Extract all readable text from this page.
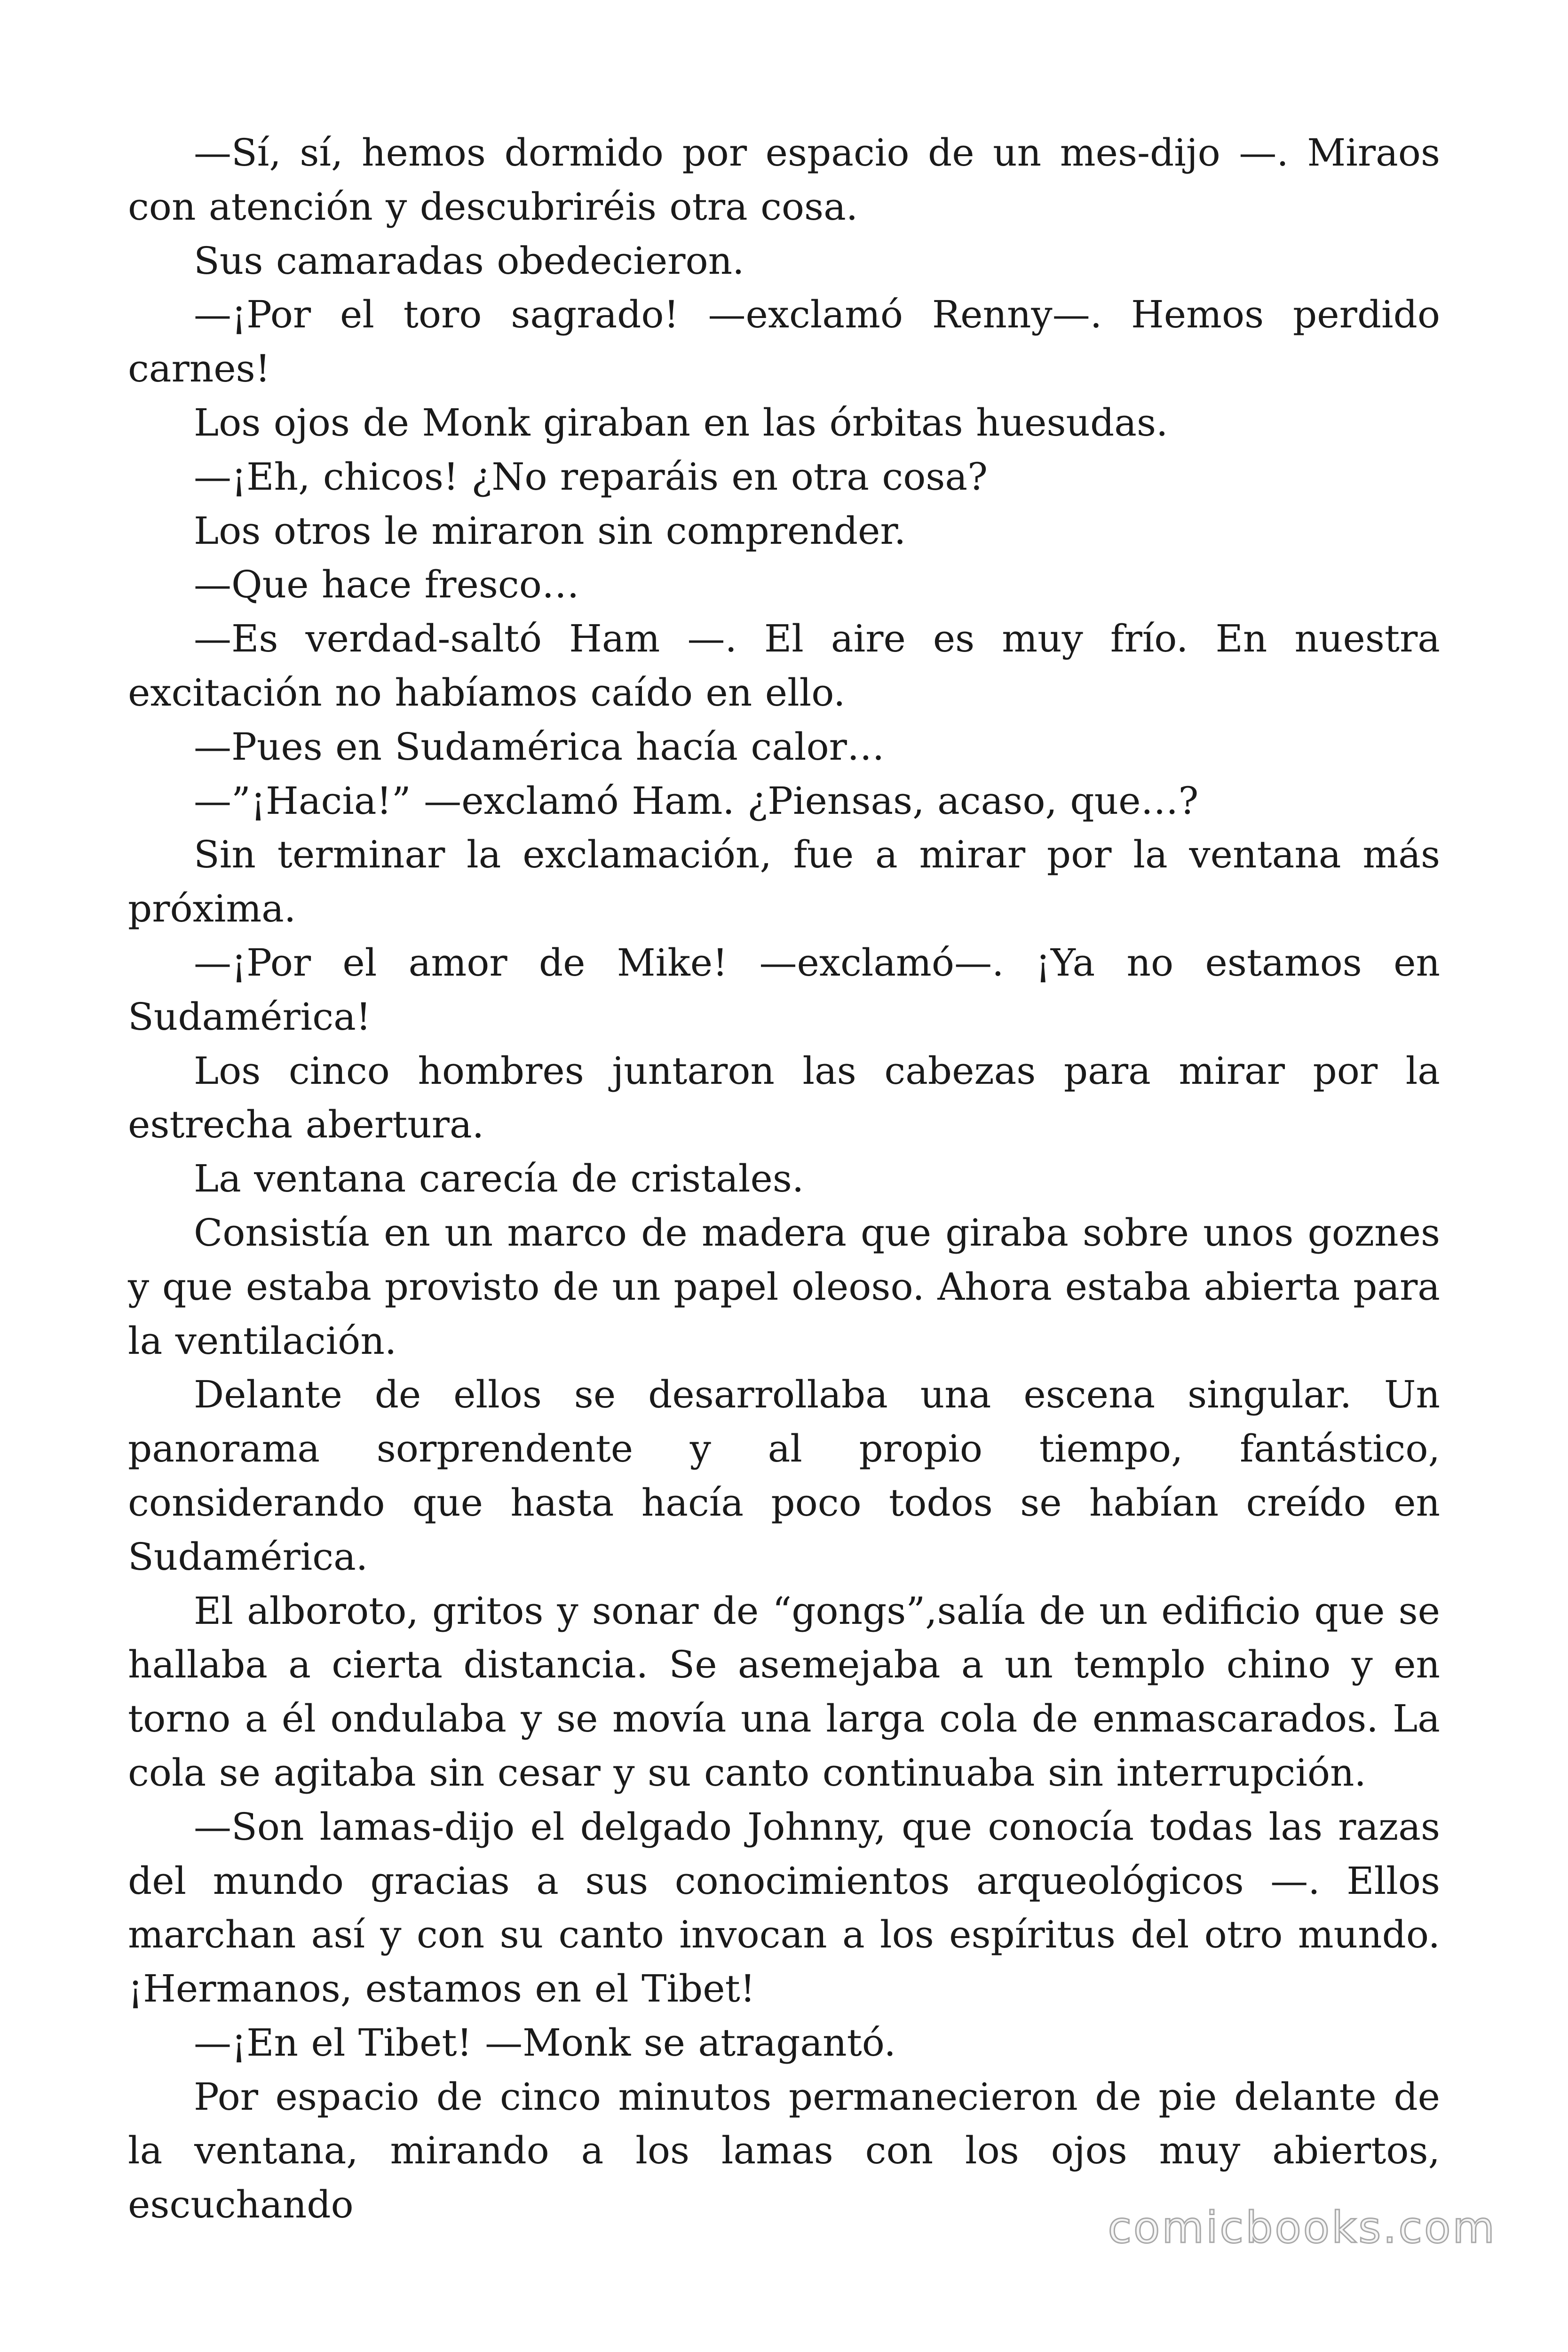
—Sí, sí, hemos dormido por espacio de un mes-dijo —. Miraos con atención y descubriréis otra cosa.

Sus camaradas obedecieron.

—¡Por el toro sagrado! —exclamó Renny—. Hemos perdido carnes!

Los ojos de Monk giraban en las órbitas huesudas.

—¡Eh, chicos! ¿No reparáis en otra cosa?

Los otros le miraron sin comprender.

—Que hace fresco…

—Es verdad-saltó Ham —. El aire es muy frío. En nuestra excitación no habíamos caído en ello.

—Pues en Sudamérica hacía calor…

—”¡Hacia!” —exclamó Ham. ¿Piensas, acaso, que…?

Sin terminar la exclamación, fue a mirar por la ventana más próxima.

—¡Por el amor de Mike! —exclamó—. ¡Ya no estamos en Sudamérica!

Los cinco hombres juntaron las cabezas para mirar por la estrecha abertura.

La ventana carecía de cristales.

Consistía en un marco de madera que giraba sobre unos goznes y que estaba provisto de un papel oleoso. Ahora estaba abierta para la ventilación.

Delante de ellos se desarrollaba una escena singular. Un panorama sorprendente y al propio tiempo, fantástico, considerando que hasta hacía poco todos se habían creído en Sudamérica.

El alboroto, gritos y sonar de “gongs”,salía de un edificio que se hallaba a cierta distancia. Se asemejaba a un templo chino y en torno a él ondulaba y se movía una larga cola de enmascarados. La cola se agitaba sin cesar y su canto continuaba sin interrupción.

—Son lamas-dijo el delgado Johnny, que conocía todas las razas del mundo gracias a sus conocimientos arqueológicos —. Ellos marchan así y con su canto invocan a los espíritus del otro mundo. ¡Hermanos, estamos en el Tibet!

—¡En el Tibet! —Monk se atragantó.

Por espacio de cinco minutos permanecieron de pie delante de la ventana, mirando a los lamas con los ojos muy abiertos, escuchando	comicbooks.com
